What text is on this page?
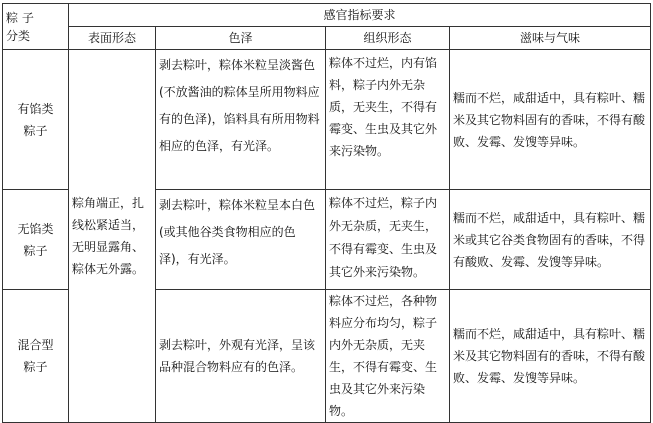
粽 子
分类	感官指标要求			
	表面形态	色泽	组织形态	滋味与气味
有馅类
粽子	粽角端正，扎线松紧适当，无明显露角、粽体无外露。	剥去粽叶，粽体米粒呈淡酱色(不放酱油的粽体呈所用物料应有的色泽)，馅料具有所用物料相应的色泽，有光泽。	粽体不过烂，内有馅料，粽子内外无杂质，无夹生，不得有霉变、生虫及其它外来污染物。	糯而不烂，咸甜适中，具有粽叶、糯米及其它物料固有的香味，不得有酸败、发霉、发馊等异味。
无馅类
粽子		剥去粽叶，粽体米粒呈本白色(或其他谷类食物相应的色泽)，有光泽。	粽体不过烂，粽子内外无杂质，无夹生，不得有霉变、生虫及其它外来污染物。	糯而不烂，咸甜适中，具有粽叶、糯米或其它谷类食物固有的香味，不得有酸败、发霉、发馊等异味。
混合型
粽子		剥去粽叶，外观有光泽，呈该品种混合物料应有的色泽。	粽体不过烂，各种物料应分布均匀，粽子内外无杂质，无夹生，不得有霉变、生虫及其它外来污染物。	糯而不烂，咸甜适中，具有粽叶、糯米及其它物料固有的香味，不得有酸败、发霉、发馊等异味。
